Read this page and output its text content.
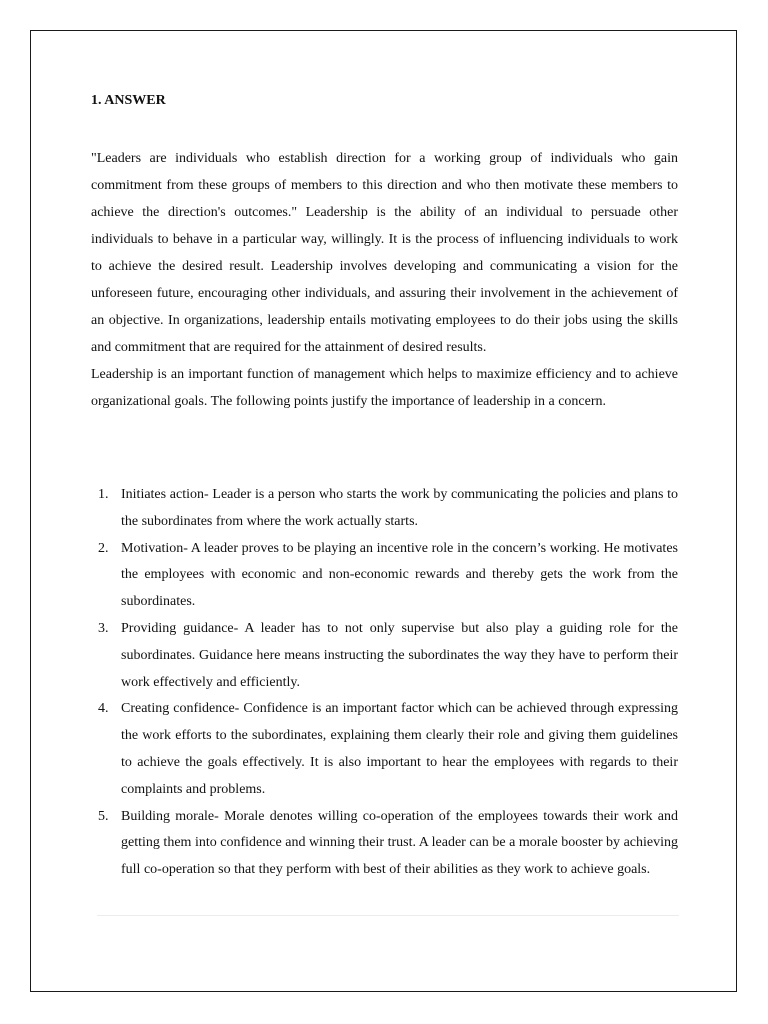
1. ANSWER

"Leaders are individuals who establish direction for a working group of individuals who gain commitment from these groups of members to this direction and who then motivate these members to achieve the direction's outcomes." Leadership is the ability of an individual to persuade other individuals to behave in a particular way, willingly. It is the process of influencing individuals to work to achieve the desired result. Leadership involves developing and communicating a vision for the unforeseen future, encouraging other individuals, and assuring their involvement in the achievement of an objective. In organizations, leadership entails motivating employees to do their jobs using the skills and commitment that are required for the attainment of desired results.

Leadership is an important function of management which helps to maximize efficiency and to achieve organizational goals. The following points justify the importance of leadership in a concern.

1. Initiates action- Leader is a person who starts the work by communicating the policies and plans to the subordinates from where the work actually starts.
2. Motivation- A leader proves to be playing an incentive role in the concern’s working. He motivates the employees with economic and non-economic rewards and thereby gets the work from the subordinates.
3. Providing guidance- A leader has to not only supervise but also play a guiding role for the subordinates. Guidance here means instructing the subordinates the way they have to perform their work effectively and efficiently.
4. Creating confidence- Confidence is an important factor which can be achieved through expressing the work efforts to the subordinates, explaining them clearly their role and giving them guidelines to achieve the goals effectively. It is also important to hear the employees with regards to their complaints and problems.
5. Building morale- Morale denotes willing co-operation of the employees towards their work and getting them into confidence and winning their trust. A leader can be a morale booster by achieving full co-operation so that they perform with best of their abilities as they work to achieve goals.
